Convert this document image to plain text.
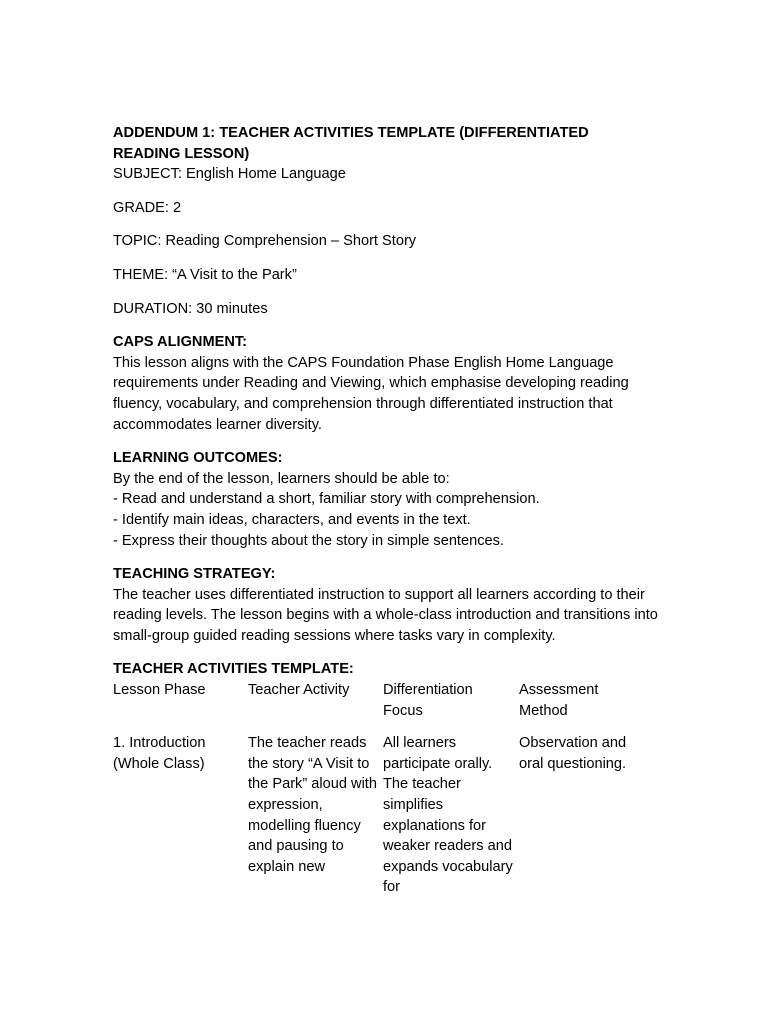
ADDENDUM 1: TEACHER ACTIVITIES TEMPLATE (DIFFERENTIATED READING LESSON)

SUBJECT: English Home Language

GRADE: 2

TOPIC: Reading Comprehension – Short Story

THEME: “A Visit to the Park”

DURATION: 30 minutes

CAPS ALIGNMENT:

This lesson aligns with the CAPS Foundation Phase English Home Language requirements under Reading and Viewing, which emphasise developing reading fluency, vocabulary, and comprehension through differentiated instruction that accommodates learner diversity.

LEARNING OUTCOMES:

By the end of the lesson, learners should be able to:

- Read and understand a short, familiar story with comprehension.
- Identify main ideas, characters, and events in the text.
- Express their thoughts about the story in simple sentences.

TEACHING STRATEGY:

The teacher uses differentiated instruction to support all learners according to their reading levels. The lesson begins with a whole-class introduction and transitions into small-group guided reading sessions where tasks vary in complexity.

TEACHER ACTIVITIES TEMPLATE:

Lesson Phase	Teacher Activity	Differentiation Focus	Assessment Method

1. Introduction (Whole Class)	The teacher reads the story “A Visit to the Park” aloud with expression, modelling fluency and pausing to explain new	All learners participate orally. The teacher simplifies explanations for weaker readers and expands vocabulary for	Observation and oral questioning.
